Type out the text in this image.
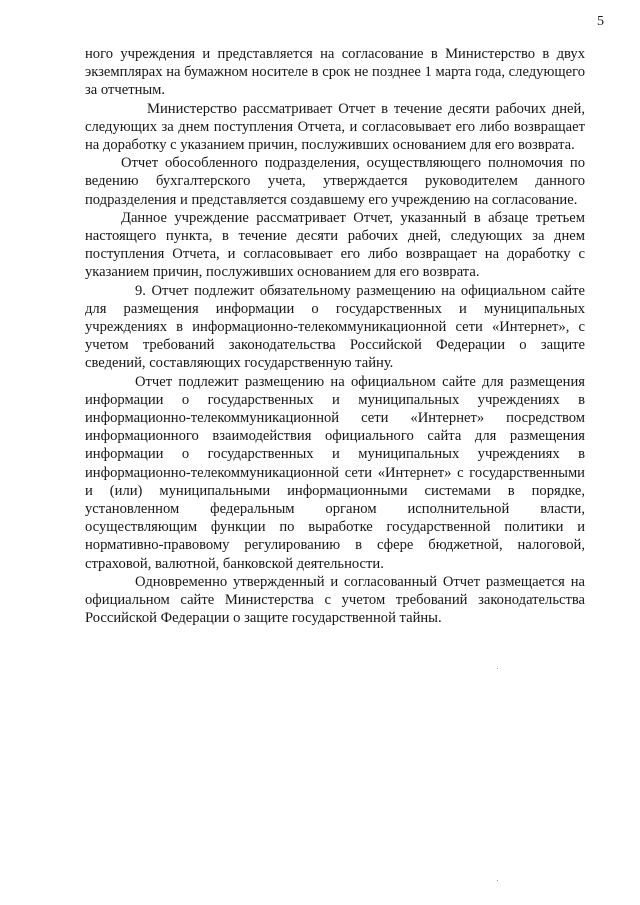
5

ного учреждения и представляется на согласование в Министерство в двух экземплярах на бумажном носителе в срок не позднее 1 марта года, следующего за отчетным.

Министерство рассматривает Отчет в течение десяти рабочих дней, следующих за днем поступления Отчета, и согласовывает его либо возвращает на доработку с указанием причин, послуживших основанием для его возврата.

Отчет обособленного подразделения, осуществляющего полномочия по ведению бухгалтерского учета, утверждается руководителем данного подразделения и представляется создавшему его учреждению на согласование.

Данное учреждение рассматривает Отчет, указанный в абзаце третьем настоящего пункта, в течение десяти рабочих дней, следующих за днем поступления Отчета, и согласовывает его либо возвращает на доработку с указанием причин, послуживших основанием для его возврата.

9. Отчет подлежит обязательному размещению на официальном сайте для размещения информации о государственных и муниципальных учреждениях в информационно-телекоммуникационной сети «Интернет», с учетом требований законодательства Российской Федерации о защите сведений, составляющих государственную тайну.

Отчет подлежит размещению на официальном сайте для размещения информации о государственных и муниципальных учреждениях в информационно-телекоммуникационной сети «Интернет» посредством информационного взаимодействия официального сайта для размещения информации о государственных и муниципальных учреждениях в информационно-телекоммуникационной сети «Интернет» с государственными и (или) муниципальными информационными системами в порядке, установленном федеральным органом исполнительной власти, осуществляющим функции по выработке государственной политики и нормативно-правовому регулированию в сфере бюджетной, налоговой, страховой, валютной, банковской деятельности.

Одновременно утвержденный и согласованный Отчет размещается на официальном сайте Министерства с учетом требований законодательства Российской Федерации о защите государственной тайны.
